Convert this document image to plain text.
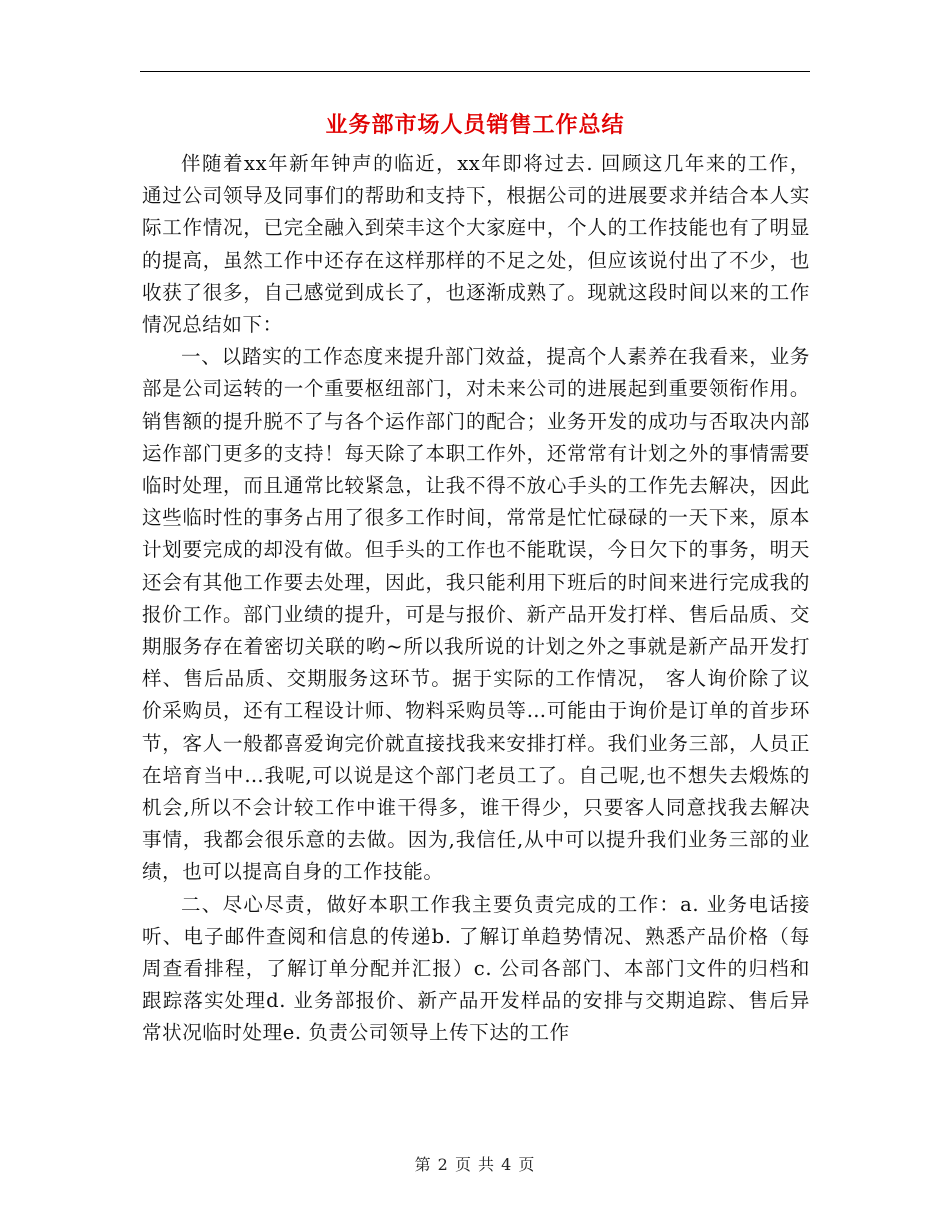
业务部市场人员销售工作总结

伴随着xx年新年钟声的临近，xx年即将过去. 回顾这几年来的工作， 通过公司领导及同事们的帮助和支持下，根据公司的进展要求并结合本人实际工作情况，已完全融入到荣丰这个大家庭中，个人的工作技能也有了明显的提高，虽然工作中还存在这样那样的不足之处，但应该说付出了不少，也收获了很多，自己感觉到成长了，也逐渐成熟了。现就这段时间以来的工作情况总结如下：

一、以踏实的工作态度来提升部门效益，提高个人素养在我看来，业务部是公司运转的一个重要枢纽部门，对未来公司的进展起到重要领衔作用。销售额的提升脱不了与各个运作部门的配合；业务开发的成功与否取决内部运作部门更多的支持！每天除了本职工作外，还常常有计划之外的事情需要临时处理，而且通常比较紧急，让我不得不放心手头的工作先去解决，因此这些临时性的事务占用了很多工作时间，常常是忙忙碌碌的一天下来，原本计划要完成的却没有做。但手头的工作也不能耽误，今日欠下的事务，明天还会有其他工作要去处理，因此，我只能利用下班后的时间来进行完成我的报价工作。部门业绩的提升，可是与报价、新产品开发打样、售后品质、交期服务存在着密切关联的哟~所以我所说的计划之外之事就是新产品开发打样、售后品质、交期服务这环节。据于实际的工作情况， 客人询价除了议价采购员，还有工程设计师、物料采购员等…可能由于询价是订单的首步环节，客人一般都喜爱询完价就直接找我来安排打样。我们业务三部，人员正在培育当中…我呢,可以说是这个部门老员工了。自己呢,也不想失去煅炼的机会,所以不会计较工作中谁干得多，谁干得少，只要客人同意找我去解决事情，我都会很乐意的去做。因为,我信任,从中可以提升我们业务三部的业绩，也可以提高自身的工作技能。

二、尽心尽责，做好本职工作我主要负责完成的工作：a. 业务电话接听、电子邮件查阅和信息的传递b. 了解订单趋势情况、熟悉产品价格（每周查看排程，了解订单分配并汇报）c. 公司各部门、本部门文件的归档和跟踪落实处理d. 业务部报价、新产品开发样品的安排与交期追踪、售后异常状况临时处理e. 负责公司领导上传下达的工作

第 2 页 共 4 页
